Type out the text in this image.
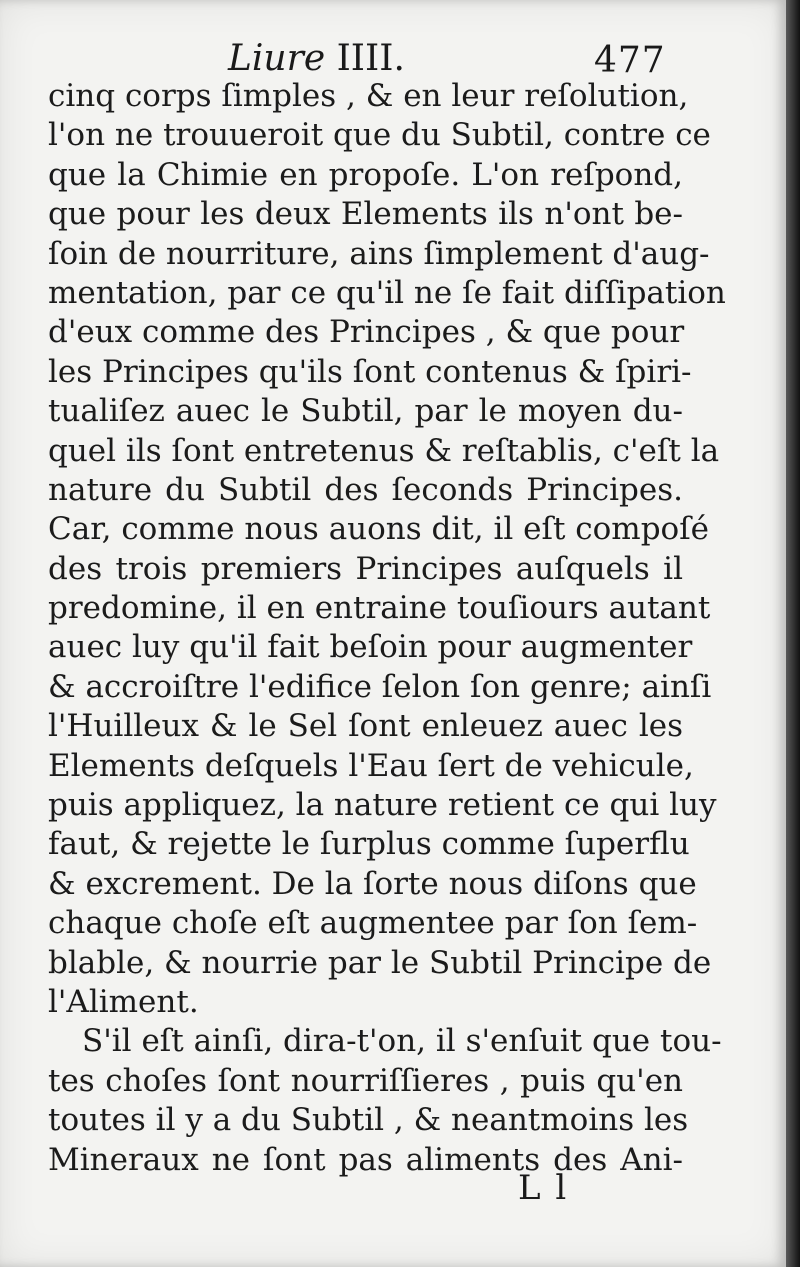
Liure IIII.	477
cinq corps ſimples , & en leur reſolution,
l'on ne trouueroit que du Subtil, contre ce
que la Chimie en propoſe. L'on reſpond,
que pour les deux Elements ils n'ont be-
ſoin de nourriture, ains ſimplement d'aug-
mentation, par ce qu'il ne ſe fait diſſipation
d'eux comme des Principes , & que pour
les Principes qu'ils ſont contenus & ſpiri-
tualiſez auec le Subtil, par le moyen du-
quel ils ſont entretenus & reſtablis, c'eſt la
nature du Subtil des ſeconds Principes.
Car, comme nous auons dit, il eſt compoſé
des trois premiers Principes auſquels il
predomine, il en entraine touſiours autant
auec luy qu'il fait beſoin pour augmenter
& accroiſtre l'edifice ſelon ſon genre; ainſi
l'Huilleux & le Sel ſont enleuez auec les
Elements deſquels l'Eau ſert de vehicule,
puis appliquez, la nature retient ce qui luy
faut, & rejette le ſurplus comme ſuperflu
& excrement. De la ſorte nous diſons que
chaque choſe eſt augmentee par ſon ſem-
blable, & nourrie par le Subtil Principe de
l'Aliment.
S'il eſt ainſi, dira-t'on, il s'enſuit que tou-
tes choſes ſont nourriſſieres , puis qu'en
toutes il y a du Subtil , & neantmoins les
Mineraux ne ſont pas aliments des Ani-
L l
